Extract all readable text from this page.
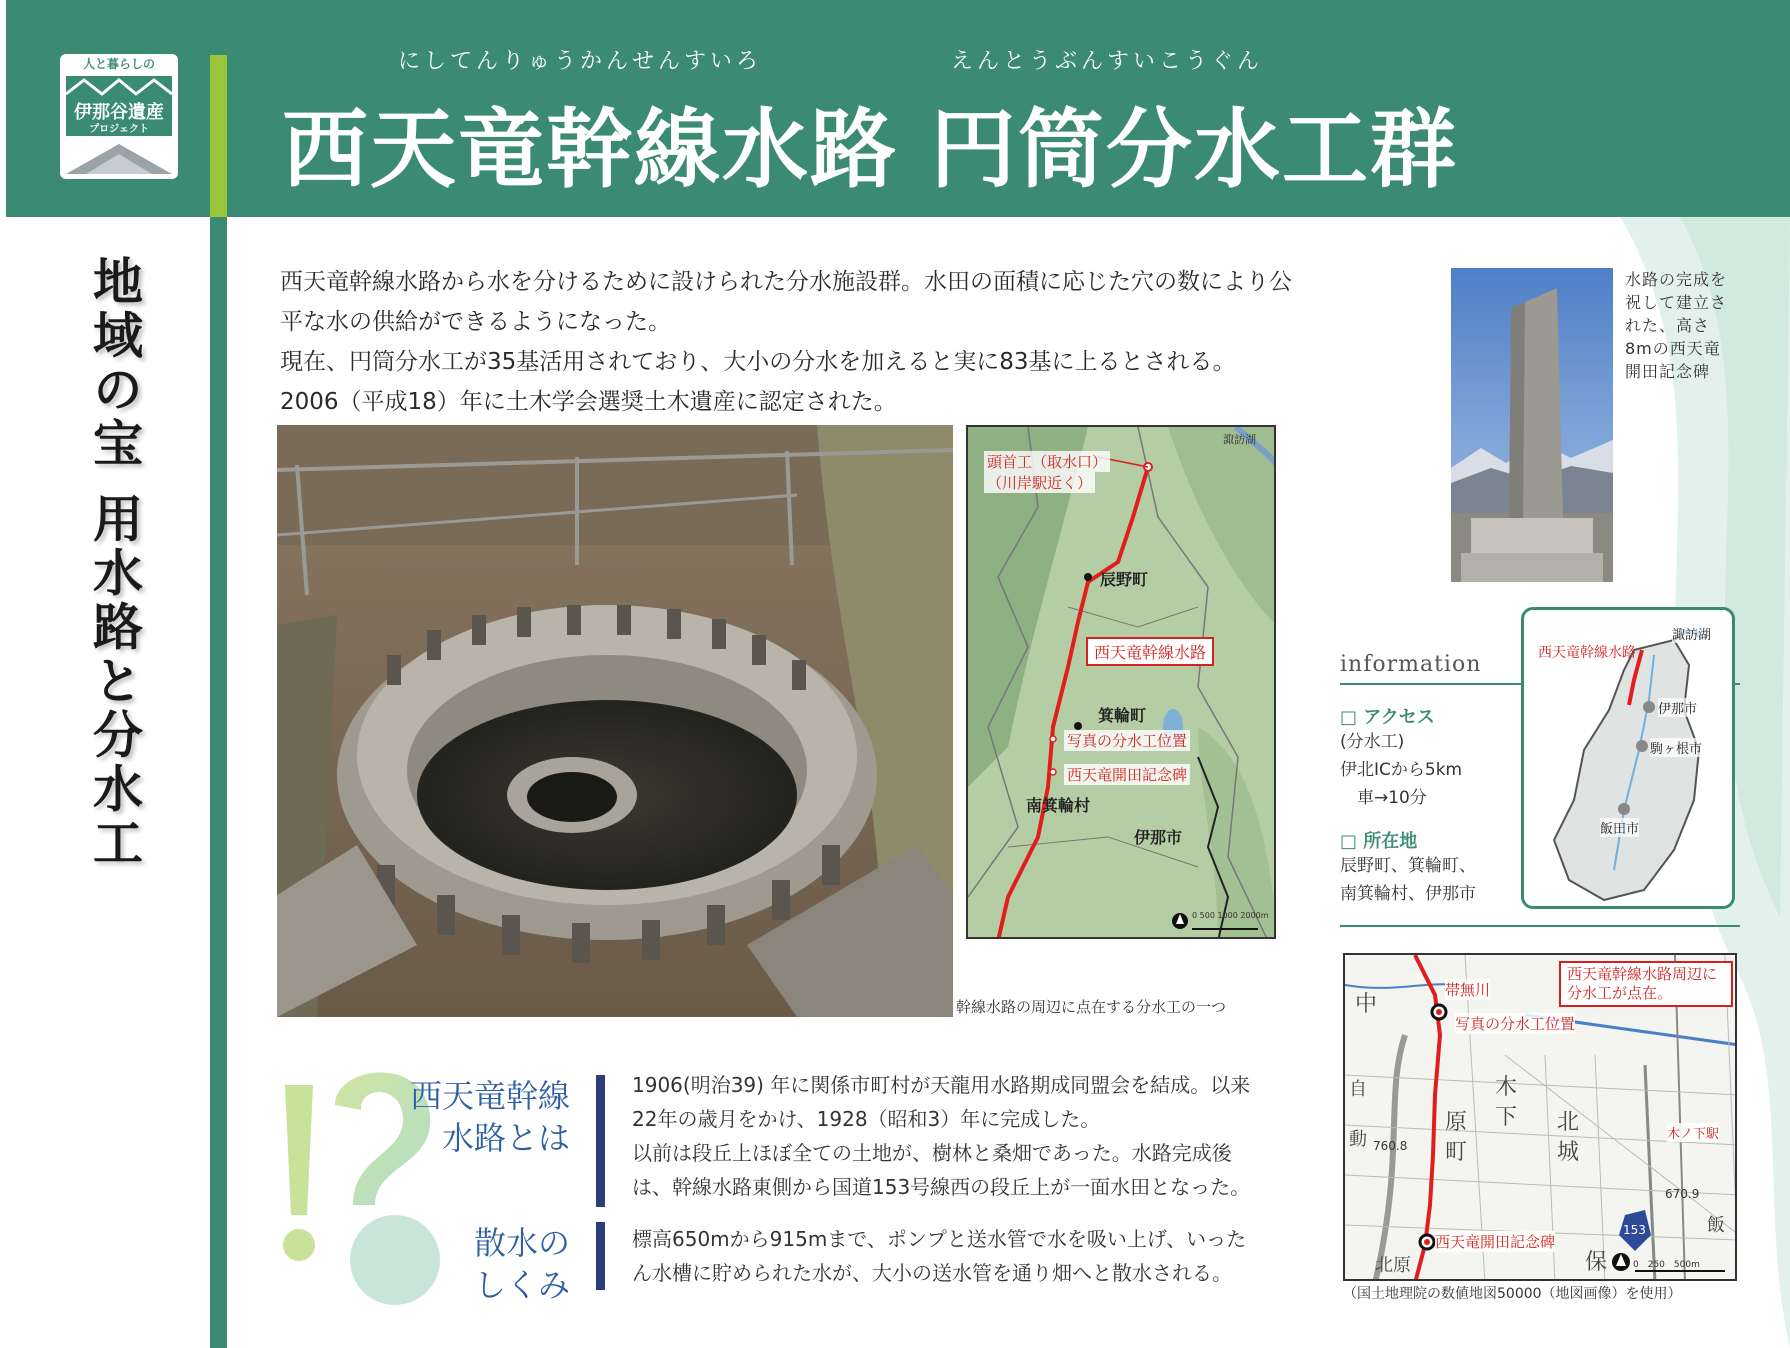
人と暮らしの
伊那谷遺産
プロジェクト
にしてんりゅうかんせんすいろ	えんとうぶんすいこうぐん
西天竜幹線水路 円筒分水工群
地域の宝 用水路と分水工	西天竜幹線水路から水を分けるために設けられた分水施設群。水田の面積に応じた穴の数により公

平な水の供給ができるようになった。

現在、円筒分水工が35基活用されており、大小の分水を加えると実に83基に上るとされる。

2006（平成18）年に土木学会選奨土木遺産に認定された。

幹線水路の周辺に点在する分水工の一つ
諏訪湖
頭首工（取水口）
（川岸駅近く）
辰野町
西天竜幹線水路
箕輪町
写真の分水工位置
西天竜開田記念碑
南箕輪村
伊那市
0 500 1000 2000m
水路の完成を祝して建立された、高さ8mの西天竜開田記念碑
information
□ アクセス
(分水工)
伊北ICから5km
　車→10分
□ 所在地
辰野町、箕輪町、
南箕輪村、伊那市
諏訪湖
西天竜幹線水路
伊那市
駒ヶ根市
飯田市
西天竜幹線水路周辺に分水工が点在。
帯無川
写真の分水工位置
木ノ下駅
西天竜開田記念碑
153
0　250　500m
中
原
町
木
下 北
城
保
北原
自
動
飯
760.8
670.9
（国土地理院の数値地図50000（地図画像）を使用）
西天竜幹線
水路とは

1906(明治39) 年に関係市町村が天龍用水路期成同盟会を結成。以来

22年の歳月をかけ、1928（昭和3）年に完成した。

以前は段丘上ほぼ全ての土地が、樹林と桑畑であった。水路完成後

は、幹線水路東側から国道153号線西の段丘上が一面水田となった。

散水の
しくみ

標高650mから915mまで、ポンプと送水管で水を吸い上げ、いった

ん水槽に貯められた水が、大小の送水管を通り畑へと散水される。
